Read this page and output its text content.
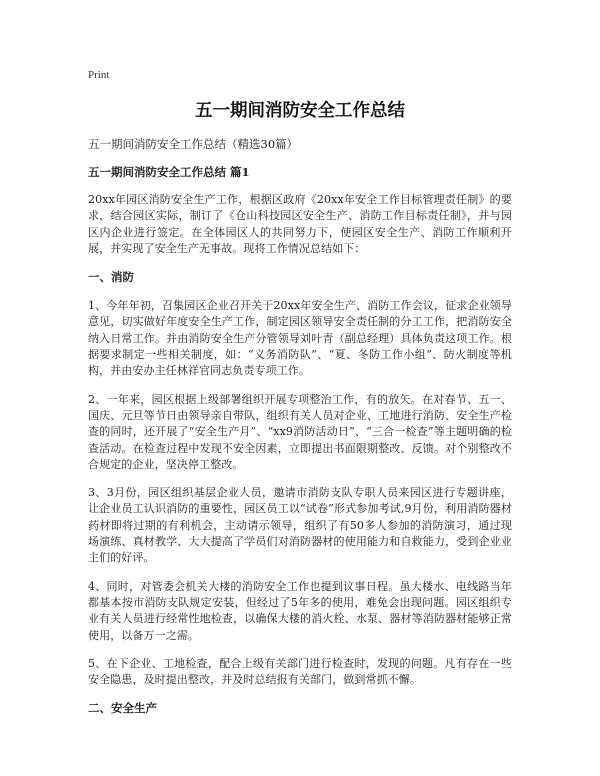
Print
五一期间消防安全工作总结
五一期间消防安全工作总结（精选30篇）
五一期间消防安全工作总结 篇1

20xx年园区消防安全生产工作，根据区政府《20xx年安全工作目标管理责任制》的要求，结合园区实际，制订了《仓山科技园区安全生产、消防工作目标责任制》，并与园区内企业进行签定。在全体园区人的共同努力下，使园区安全生产、消防工作顺利开展，并实现了安全生产无事故。现将工作情况总结如下：

一、消防

1、今年年初，召集园区企业召开关于20xx年安全生产、消防工作会议，征求企业领导意见，切实做好年度安全生产工作，制定园区领导安全责任制的分工工作，把消防安全纳入日常工作。并由消防安全生产分管领导刘叶青（副总经理）具体负责这项工作。根据要求制定一些相关制度，如：“义务消防队”、“夏、冬防工作小组”、防火制度等机构，并由安办主任林祥官同志负责专项工作。

2、一年来，园区根据上级部署组织开展专项整治工作，有的放矢。在对春节、五一、国庆、元旦等节日由领导亲自带队，组织有关人员对企业、工地进行消防、安全生产检查的同时，还开展了“安全生产月”、“xx9消防活动日”、“三合一检查”等主题明确的检查活动。在检查过程中发现不安全因素，立即提出书面限期整改、反馈。对个别整改不合规定的企业，坚决停工整改。

3、3月份，园区组织基层企业人员，邀请市消防支队专职人员来园区进行专题讲座，让企业员工认识消防的重要性，园区员工以“试卷”形式参加考试,9月份，利用消防器材药材即将过期的有利机会，主动请示领导，组织了有50多人参加的消防演习，通过现场演练、真材教学、大大提高了学员们对消防器材的使用能力和自救能力，受到企业业主们的好评。

4、同时，对管委会机关大楼的消防安全工作也提到议事日程。虽大楼水、电线路当年都基本按市消防支队规定安装，但经过了5年多的使用，难免会出现问题。园区组织专业有关人员进行经常性地检查，以确保大楼的消火栓、水泵、器材等消防器材能够正常使用，以备万一之需。

5、在下企业、工地检查，配合上级有关部门进行检查时，发现的问题。凡有存在一些安全隐患，及时提出整改，并及时总结报有关部门，做到常抓不懈。

二、安全生产
